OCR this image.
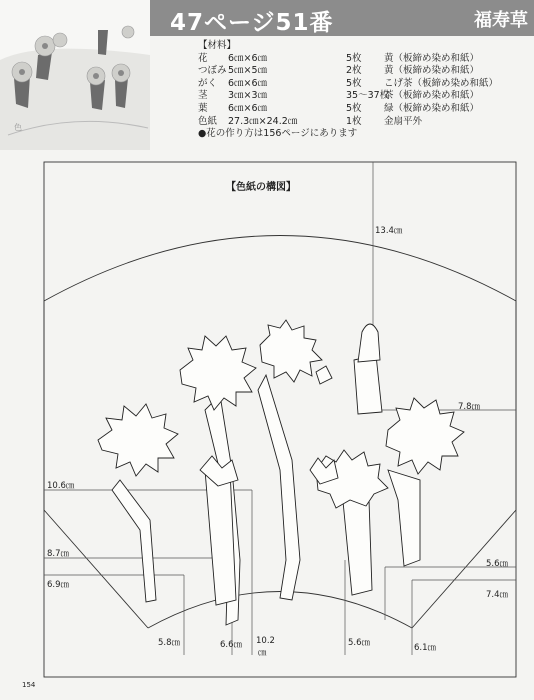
色
47ページ51番	福寿草
【材料】
花	6㎝×6㎝	5枚	黄（板締め染め和紙）
つぼみ 5㎝×5㎝	2枚	黄（板締め染め和紙）
がく	6㎝×6㎝	5枚	こげ茶（板締め染め和紙）
茎	3㎝×3㎝	35～37枚
茶（板締め染め和紙）
葉	6㎝×6㎝	5枚	緑（板締め染め和紙）
色紙	27.3㎝×24.2㎝	1枚	金扇平外
●花の作り方は156ページにあります
【色紙の構図】
13.4㎝
7.8㎝
10.6㎝
8.7㎝
6.9㎝
5.6㎝
7.4㎝
5.8㎝	6.6㎝ 10.2
㎝
5.6㎝	6.1㎝
154
